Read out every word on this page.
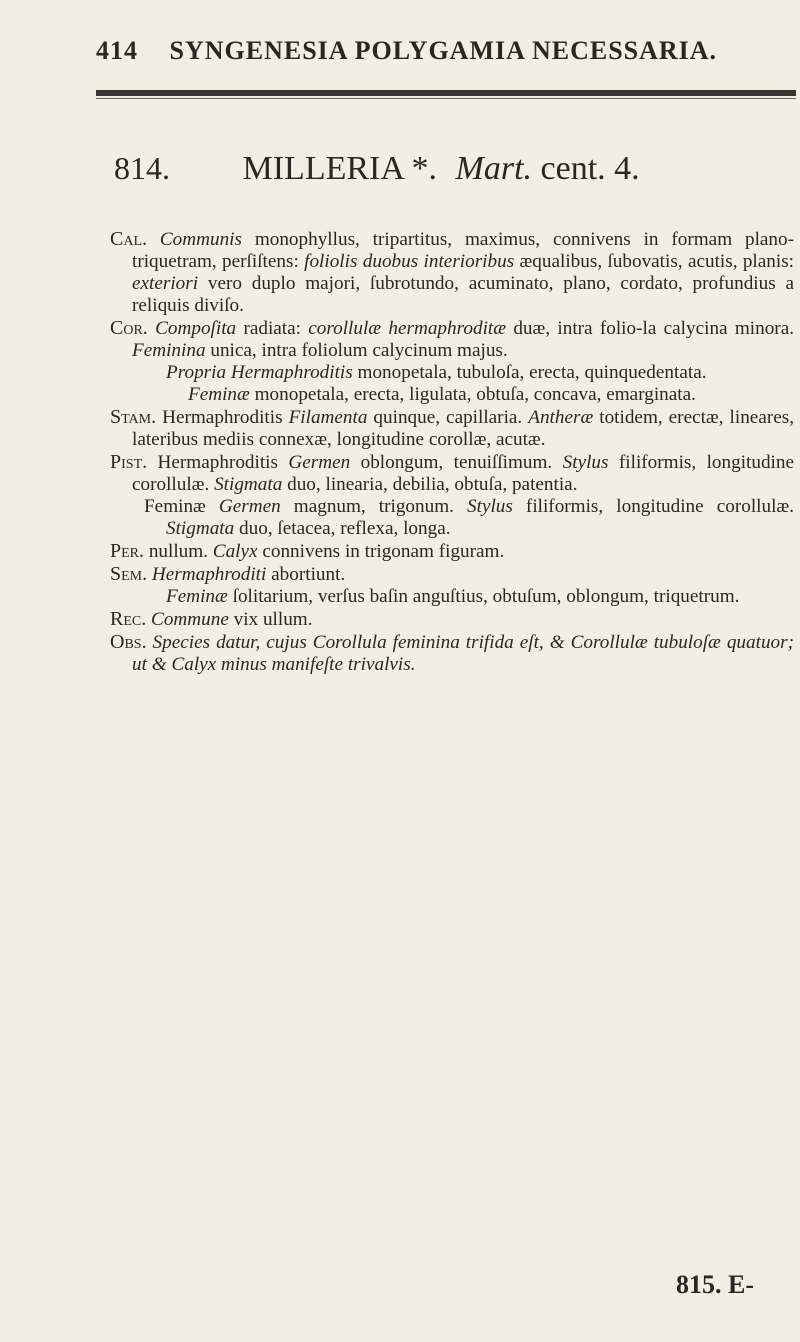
414 SYNGENESIA POLYGAMIA NECESSARIA.
814. MILLERIA *. Mart. cent. 4.

Cal. Communis monophyllus, tripartitus, maximus, connivens in formam plano-triquetram, perſiſtens: foliolis duobus interioribus æqualibus, ſubovatis, acutis, planis: exteriori vero duplo majori, ſubrotundo, acuminato, plano, cordato, profundius a reliquis diviſo.

Cor. Compoſita radiata: corollulæ hermaphroditæ duæ, intra folio-la calycina minora. Feminina unica, intra foliolum calycinum majus.

Propria Hermaphroditis monopetala, tubuloſa, erecta, quinquedentata.

Feminæ monopetala, erecta, ligulata, obtuſa, concava, emarginata.

Stam. Hermaphroditis Filamenta quinque, capillaria. Antheræ totidem, erectæ, lineares, lateribus mediis connexæ, longitudine corollæ, acutæ.

Pist. Hermaphroditis Germen oblongum, tenuiſſimum. Stylus filiformis, longitudine corollulæ. Stigmata duo, linearia, debilia, obtuſa, patentia.

Feminæ Germen magnum, trigonum. Stylus filiformis, longitudine corollulæ. Stigmata duo, ſetacea, reflexa, longa.

Per. nullum. Calyx connivens in trigonam figuram.

Sem. Hermaphroditi abortiunt.

Feminæ ſolitarium, verſus baſin anguſtius, obtuſum, oblongum, triquetrum.

Rec. Commune vix ullum.

Obs. Species datur, cujus Corollula feminina trifida eſt, & Corollulæ tubuloſæ quatuor; ut & Calyx minus manifeſte trivalvis.

815. E-
